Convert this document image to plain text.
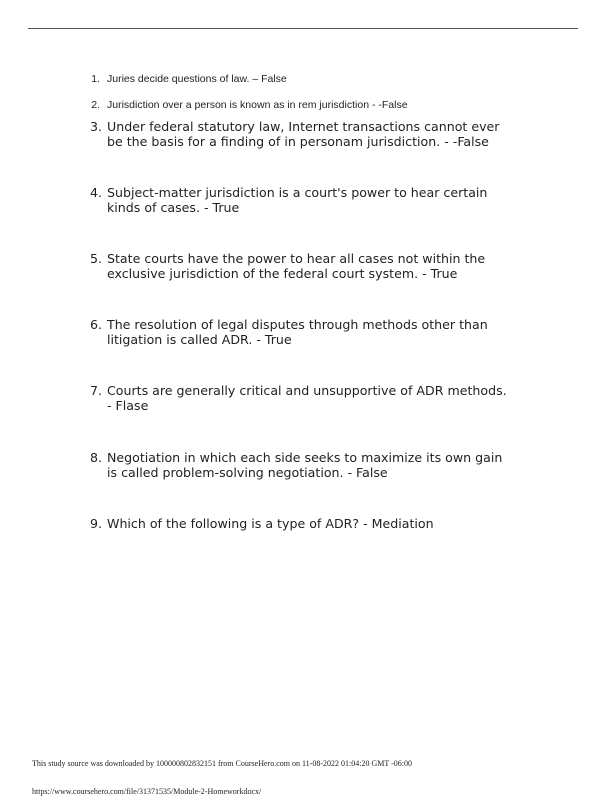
1. Juries decide questions of law. – False
2. Jurisdiction over a person is known as in rem jurisdiction - -False
3. Under federal statutory law, Internet transactions cannot ever
be the basis for a finding of in personam jurisdiction. - -False
4. Subject-matter jurisdiction is a court's power to hear certain
kinds of cases. - True
5. State courts have the power to hear all cases not within the
exclusive jurisdiction of the federal court system. - True
6. The resolution of legal disputes through methods other than
litigation is called ADR. - True
7. Courts are generally critical and unsupportive of ADR methods.
- Flase
8. Negotiation in which each side seeks to maximize its own gain
is called problem-solving negotiation. - False
9. Which of the following is a type of ADR? - Mediation
This study source was downloaded by 100000802832151 from CourseHero.com on 11-08-2022 01:04:20 GMT -06:00
https://www.coursehero.com/file/31371535/Module-2-Homeworkdocx/
